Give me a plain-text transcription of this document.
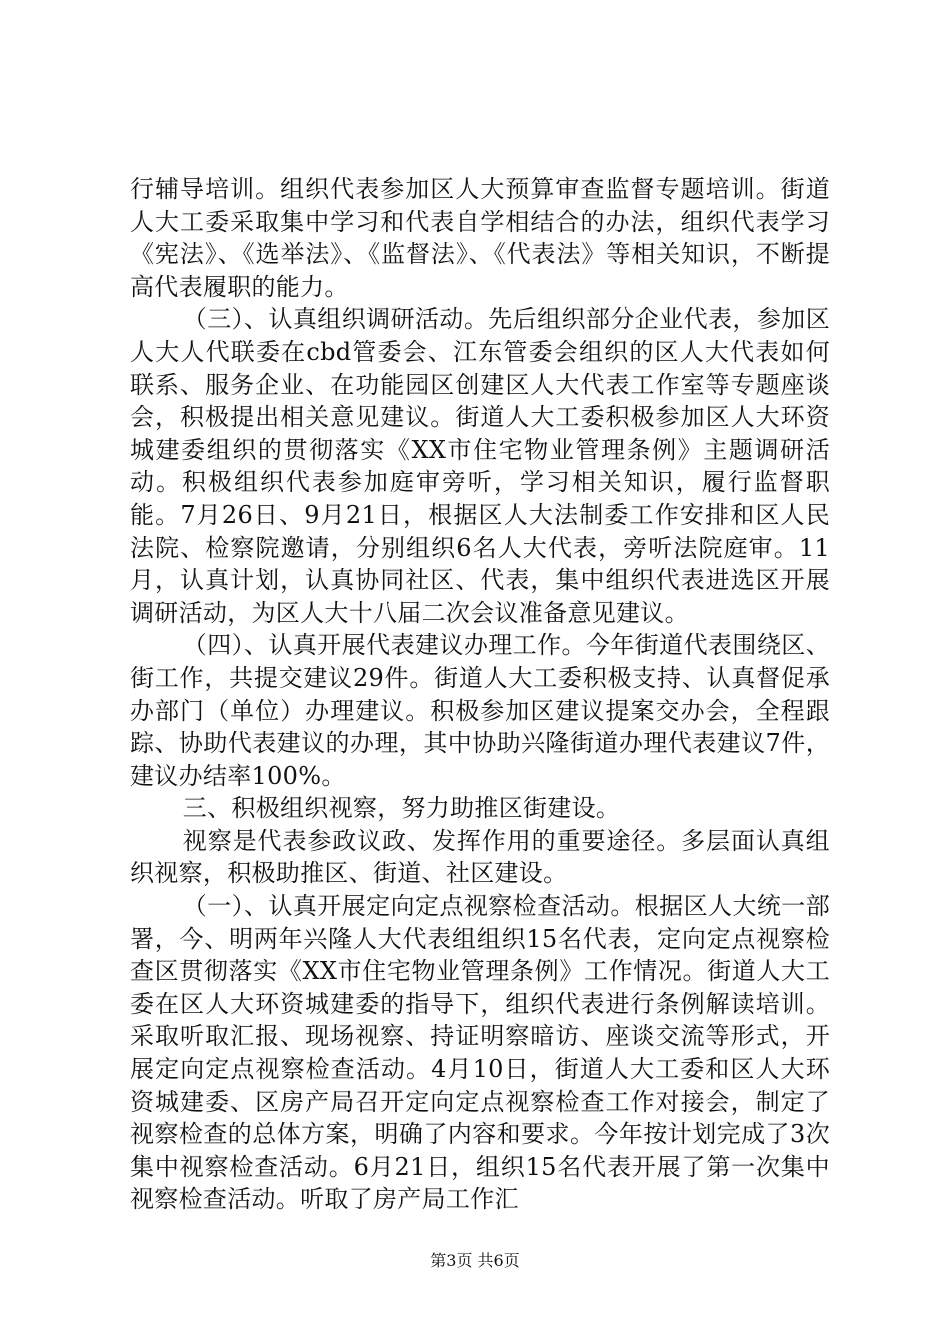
行辅导培训。组织代表参加区人大预算审查监督专题培训。街道人大工委采取集中学习和代表自学相结合的办法，组织代表学习《宪法》、《选举法》、《监督法》、《代表法》等相关知识，不断提高代表履职的能力。

（三）、认真组织调研活动。先后组织部分企业代表，参加区人大人代联委在cbd管委会、江东管委会组织的区人大代表如何联系、服务企业、在功能园区创建区人大代表工作室等专题座谈会，积极提出相关意见建议。街道人大工委积极参加区人大环资城建委组织的贯彻落实《XX市住宅物业管理条例》主题调研活动。积极组织代表参加庭审旁听，学习相关知识，履行监督职能。7月26日、9月21日，根据区人大法制委工作安排和区人民法院、检察院邀请，分别组织6名人大代表，旁听法院庭审。11月，认真计划，认真协同社区、代表，集中组织代表进选区开展调研活动，为区人大十八届二次会议准备意见建议。

（四）、认真开展代表建议办理工作。今年街道代表围绕区、街工作，共提交建议29件。街道人大工委积极支持、认真督促承办部门（单位）办理建议。积极参加区建议提案交办会，全程跟踪、协助代表建议的办理，其中协助兴隆街道办理代表建议7件，建议办结率100%。

三、积极组织视察，努力助推区街建设。

视察是代表参政议政、发挥作用的重要途径。多层面认真组织视察，积极助推区、街道、社区建设。

（一）、认真开展定向定点视察检查活动。根据区人大统一部署，今、明两年兴隆人大代表组组织15名代表，定向定点视察检查区贯彻落实《XX市住宅物业管理条例》工作情况。街道人大工委在区人大环资城建委的指导下，组织代表进行条例解读培训。采取听取汇报、现场视察、持证明察暗访、座谈交流等形式，开展定向定点视察检查活动。4月10日，街道人大工委和区人大环资城建委、区房产局召开定向定点视察检查工作对接会，制定了视察检查的总体方案，明确了内容和要求。今年按计划完成了3次集中视察检查活动。6月21日，组织15名代表开展了第一次集中视察检查活动。听取了房产局工作汇

第3页 共6页
